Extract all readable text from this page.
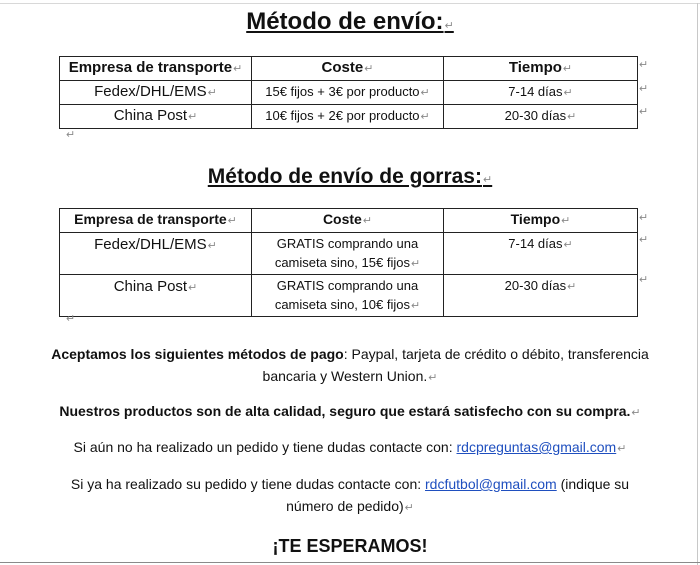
Método de envío:↵
Empresa de transporte↵	Coste↵	Tiempo↵
Fedex/DHL/EMS↵	15€ fijos + 3€ por producto↵	7-14 días↵
China Post↵	10€ fijos + 2€ por producto↵	20-30 días↵
↵
↵
↵
↵
Método de envío de gorras:↵
Empresa de transporte↵	Coste↵	Tiempo↵
Fedex/DHL/EMS↵	GRATIS comprando una camiseta sino, 15€ fijos↵	7-14 días↵
China Post↵	GRATIS comprando una camiseta sino, 10€ fijos↵	20-30 días↵
↵
↵
↵
↵
Aceptamos los siguientes métodos de pago: Paypal, tarjeta de crédito o débito, transferencia bancaria y Western Union.↵
Nuestros productos son de alta calidad, seguro que estará satisfecho con su compra.↵
Si aún no ha realizado un pedido y tiene dudas contacte con: rdcpreguntas@gmail.com↵
Si ya ha realizado su pedido y tiene dudas contacte con: rdcfutbol@gmail.com (indique su número de pedido)↵
¡TE ESPERAMOS!
